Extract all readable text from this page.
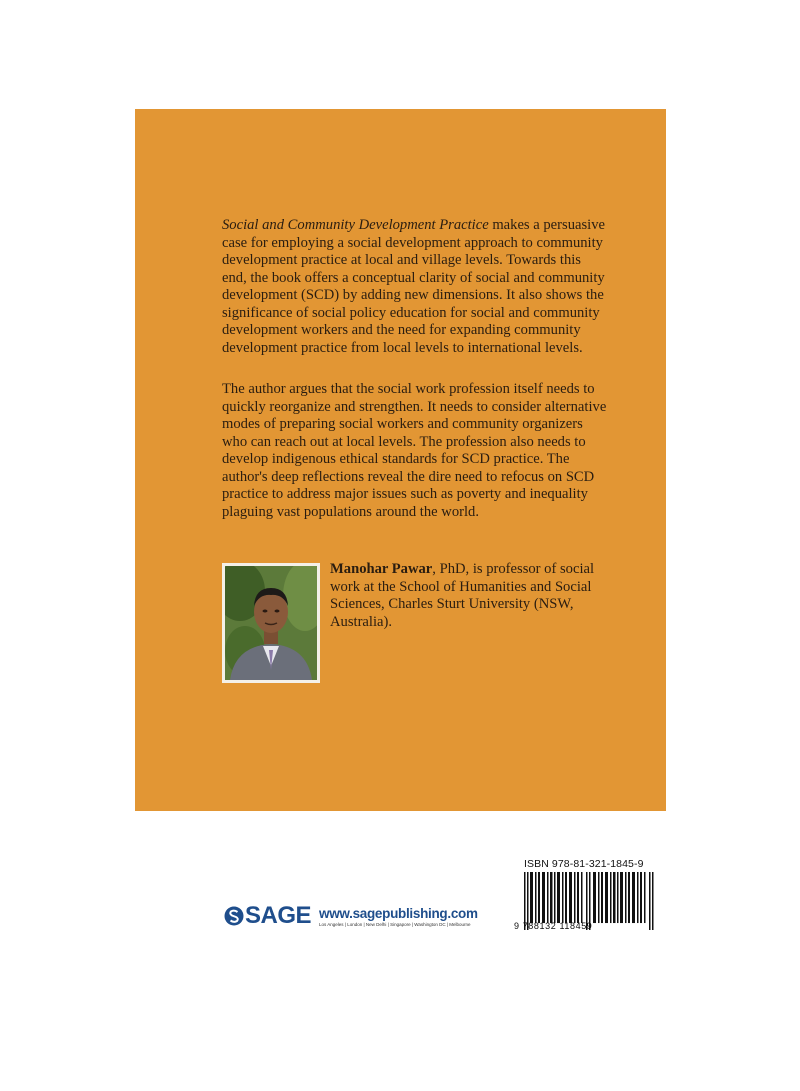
Social and Community Development Practice makes a persuasive case for employing a social development approach to community development practice at local and village levels. Towards this end, the book offers a conceptual clarity of social and community development (SCD) by adding new dimensions. It also shows the significance of social policy education for social and community development workers and the need for expanding community development practice from local levels to international levels.
The author argues that the social work profession itself needs to quickly reorganize and strengthen. It needs to consider alternative modes of preparing social workers and community organizers who can reach out at local levels. The profession also needs to develop indigenous ethical standards for SCD practice. The author's deep reflections reveal the dire need to refocus on SCD practice to address major issues such as poverty and inequality plaguing vast populations around the world.
Manohar Pawar, PhD, is professor of social work at the School of Humanities and Social Sciences, Charles Sturt University (NSW, Australia).
ISBN 978-81-321-1845-9
9 788132 118459
SAGE www.sagepublishing.com
Los Angeles | London | New Delhi | Singapore | Washington DC | Melbourne
